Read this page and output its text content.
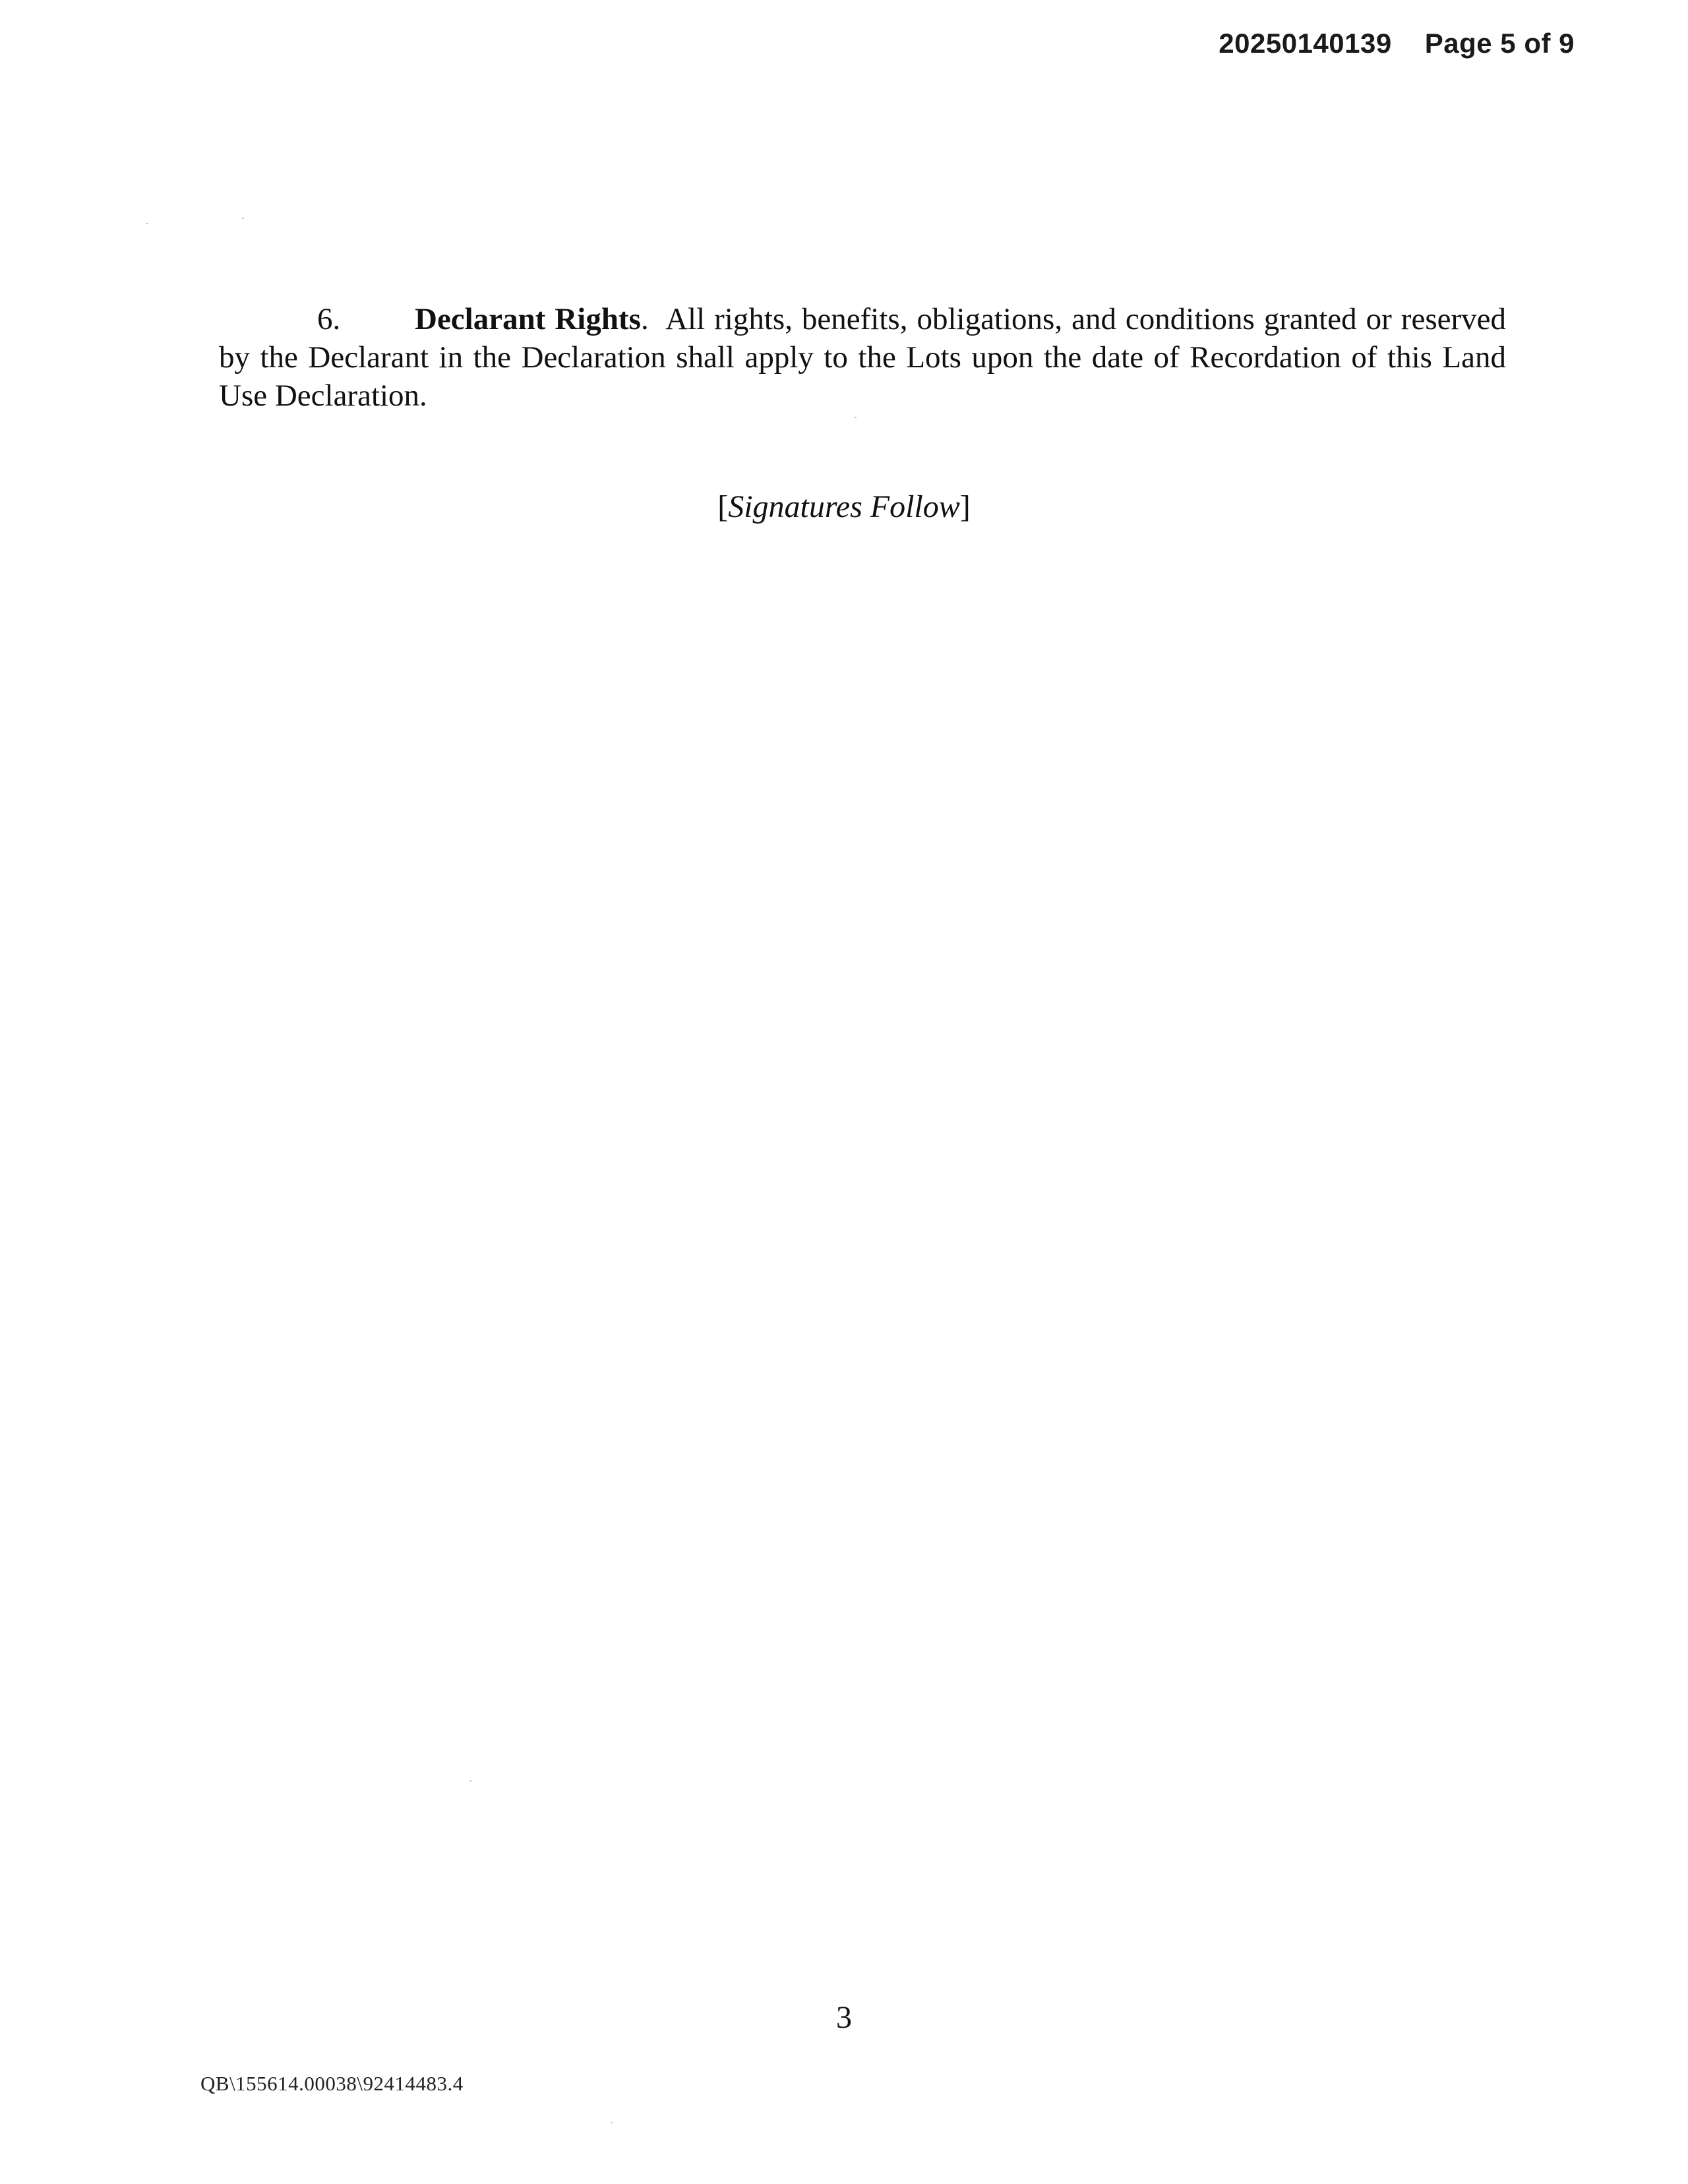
20250140139 Page 5 of 9

6. Declarant Rights. All rights, benefits, obligations, and conditions granted or reserved by the Declarant in the Declaration shall apply to the Lots upon the date of Recordation of this Land Use Declaration.

[Signatures Follow]
3
QB\155614.00038\92414483.4
